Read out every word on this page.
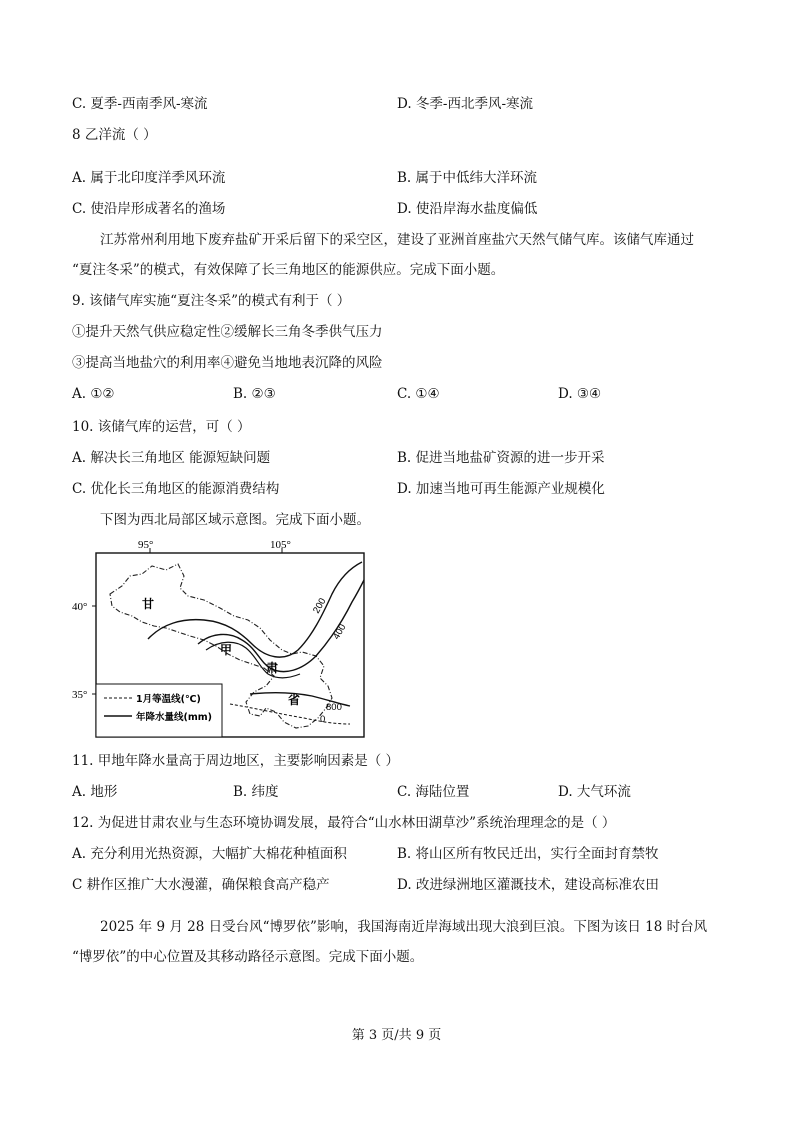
C. 夏季-西南季风-寒流	D. 冬季-西北季风-寒流
8 乙洋流（ ）
A. 属于北印度洋季风环流	B. 属于中低纬大洋环流
C. 使沿岸形成著名的渔场	D. 使沿岸海水盐度偏低
江苏常州利用地下废弃盐矿开采后留下的采空区，建设了亚洲首座盐穴天然气储气库。该储气库通过
“夏注冬采”的模式，有效保障了长三角地区的能源供应。完成下面小题。
9. 该储气库实施“夏注冬采”的模式有利于（ ）
①提升天然气供应稳定性②缓解长三角冬季供气压力
③提高当地盐穴的利用率④避免当地地表沉降的风险
A. ①②	B. ②③	C. ①④	D. ③④
10. 该储气库的运营，可（ ）
A. 解决长三角地区 能源短缺问题	B. 促进当地盐矿资源的进一步开采
C. 优化长三角地区的能源消费结构	D. 加速当地可再生能源产业规模化
下图为西北局部区域示意图。完成下面小题。
95°	105°
40°
35°
甘
甲
肃
省
200
400
800
0
1月等温线(℃)
年降水量线(mm)
11. 甲地年降水量高于周边地区，主要影响因素是（ ）
A. 地形	B. 纬度	C. 海陆位置	D. 大气环流
12. 为促进甘肃农业与生态环境协调发展，最符合“山水林田湖草沙”系统治理理念的是（ ）
A. 充分利用光热资源，大幅扩大棉花种植面积	B. 将山区所有牧民迁出，实行全面封育禁牧
C 耕作区推广大水漫灌，确保粮食高产稳产	D. 改进绿洲地区灌溉技术，建设高标准农田
2025 年 9 月 28 日受台风“博罗依”影响，我国海南近岸海域出现大浪到巨浪。下图为该日 18 时台风
“博罗依”的中心位置及其移动路径示意图。完成下面小题。
第 3 页/共 9 页
